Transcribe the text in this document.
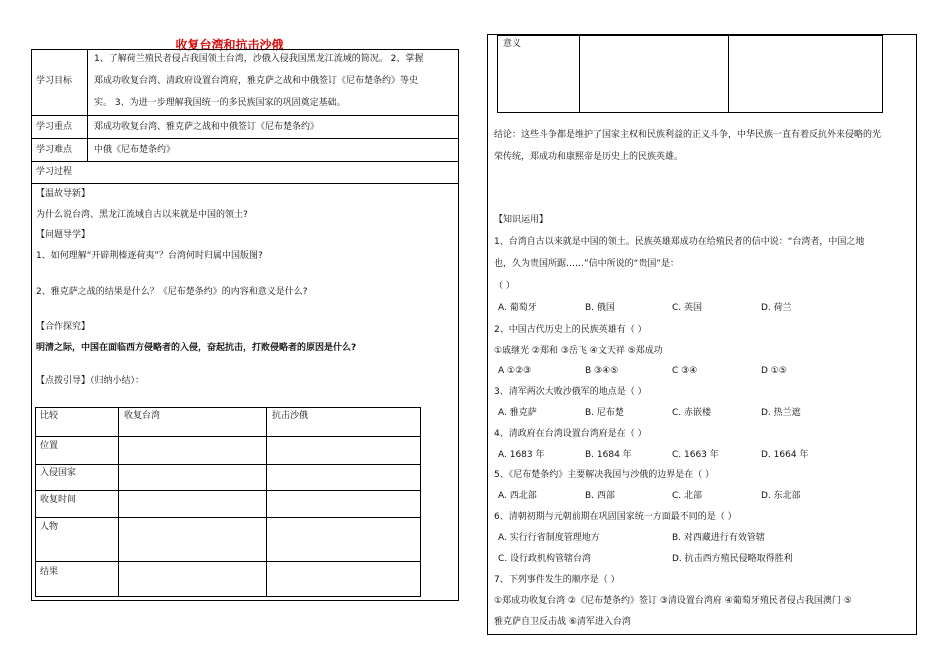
收复台湾和抗击沙俄
学习目标
1、了解荷兰殖民者侵占我国领土台湾，沙俄入侵我国黑龙江流域的简况。 2、掌握
郑成功收复台湾、清政府设置台湾府，雅克萨之战和中俄签订《尼布楚条约》等史
实。 3、为进一步理解我国统一的多民族国家的巩固奠定基础。
学习重点 郑成功收复台湾、雅克萨之战和中俄签订《尼布楚条约》
学习难点 中俄《尼布楚条约》
学习过程
【温故导新】
为什么说台湾、黑龙江流域自古以来就是中国的领土?
【问题导学】
1、如何理解“开辟荆榛逐荷夷”？台湾何时归属中国版图?
2、雅克萨之战的结果是什么？《尼布楚条约》的内容和意义是什么?
【合作探究】
明清之际，中国在面临西方侵略者的入侵，奋起抗击，打败侵略者的原因是什么?
【点拨引导】（归纳小结）：
比较	收复台湾	抗击沙俄
位置
入侵国家
收复时间
人物
结果
意义
结论：这些斗争都是维护了国家主权和民族利益的正义斗争，中华民族一直有着反抗外来侵略的光
荣传统，郑成功和康熙帝是历史上的民族英雄。
【知识运用】
1、台湾自古以来就是中国的领土。民族英雄郑成功在给殖民者的信中说：“台湾者，中国之地
也，久为贵国所踞……”信中所说的“贵国”是：
（ ）
A. 葡萄牙	B. 俄国	C. 英国	D. 荷兰
2、中国古代历史上的民族英雄有（ ）
①戚继光 ②郑和 ③岳飞 ④文天祥 ⑤郑成功
A ①②③	B ③④⑤	C ③④	D ①⑤
3、清军两次大败沙俄军的地点是（ ）
A. 雅克萨	B. 尼布楚	C. 赤嵌楼	D. 热兰遮
4、清政府在台湾设置台湾府是在（ ）
A. 1683 年	B. 1684 年	C. 1663 年	D. 1664 年
5、《尼布楚条约》主要解决我国与沙俄的边界是在（ ）
A. 西北部	B. 西部	C. 北部	D. 东北部
6、清朝初期与元朝前期在巩固国家统一方面最不同的是（ ）
A. 实行行省制度管理地方	B. 对西藏进行有效管辖
C. 设行政机构管辖台湾	D. 抗击西方殖民侵略取得胜利
7、下列事件发生的顺序是（ ）
①郑成功收复台湾 ②《尼布楚条约》签订 ③清设置台湾府 ④葡萄牙殖民者侵占我国澳门 ⑤
雅克萨自卫反击战 ⑥清军进入台湾
